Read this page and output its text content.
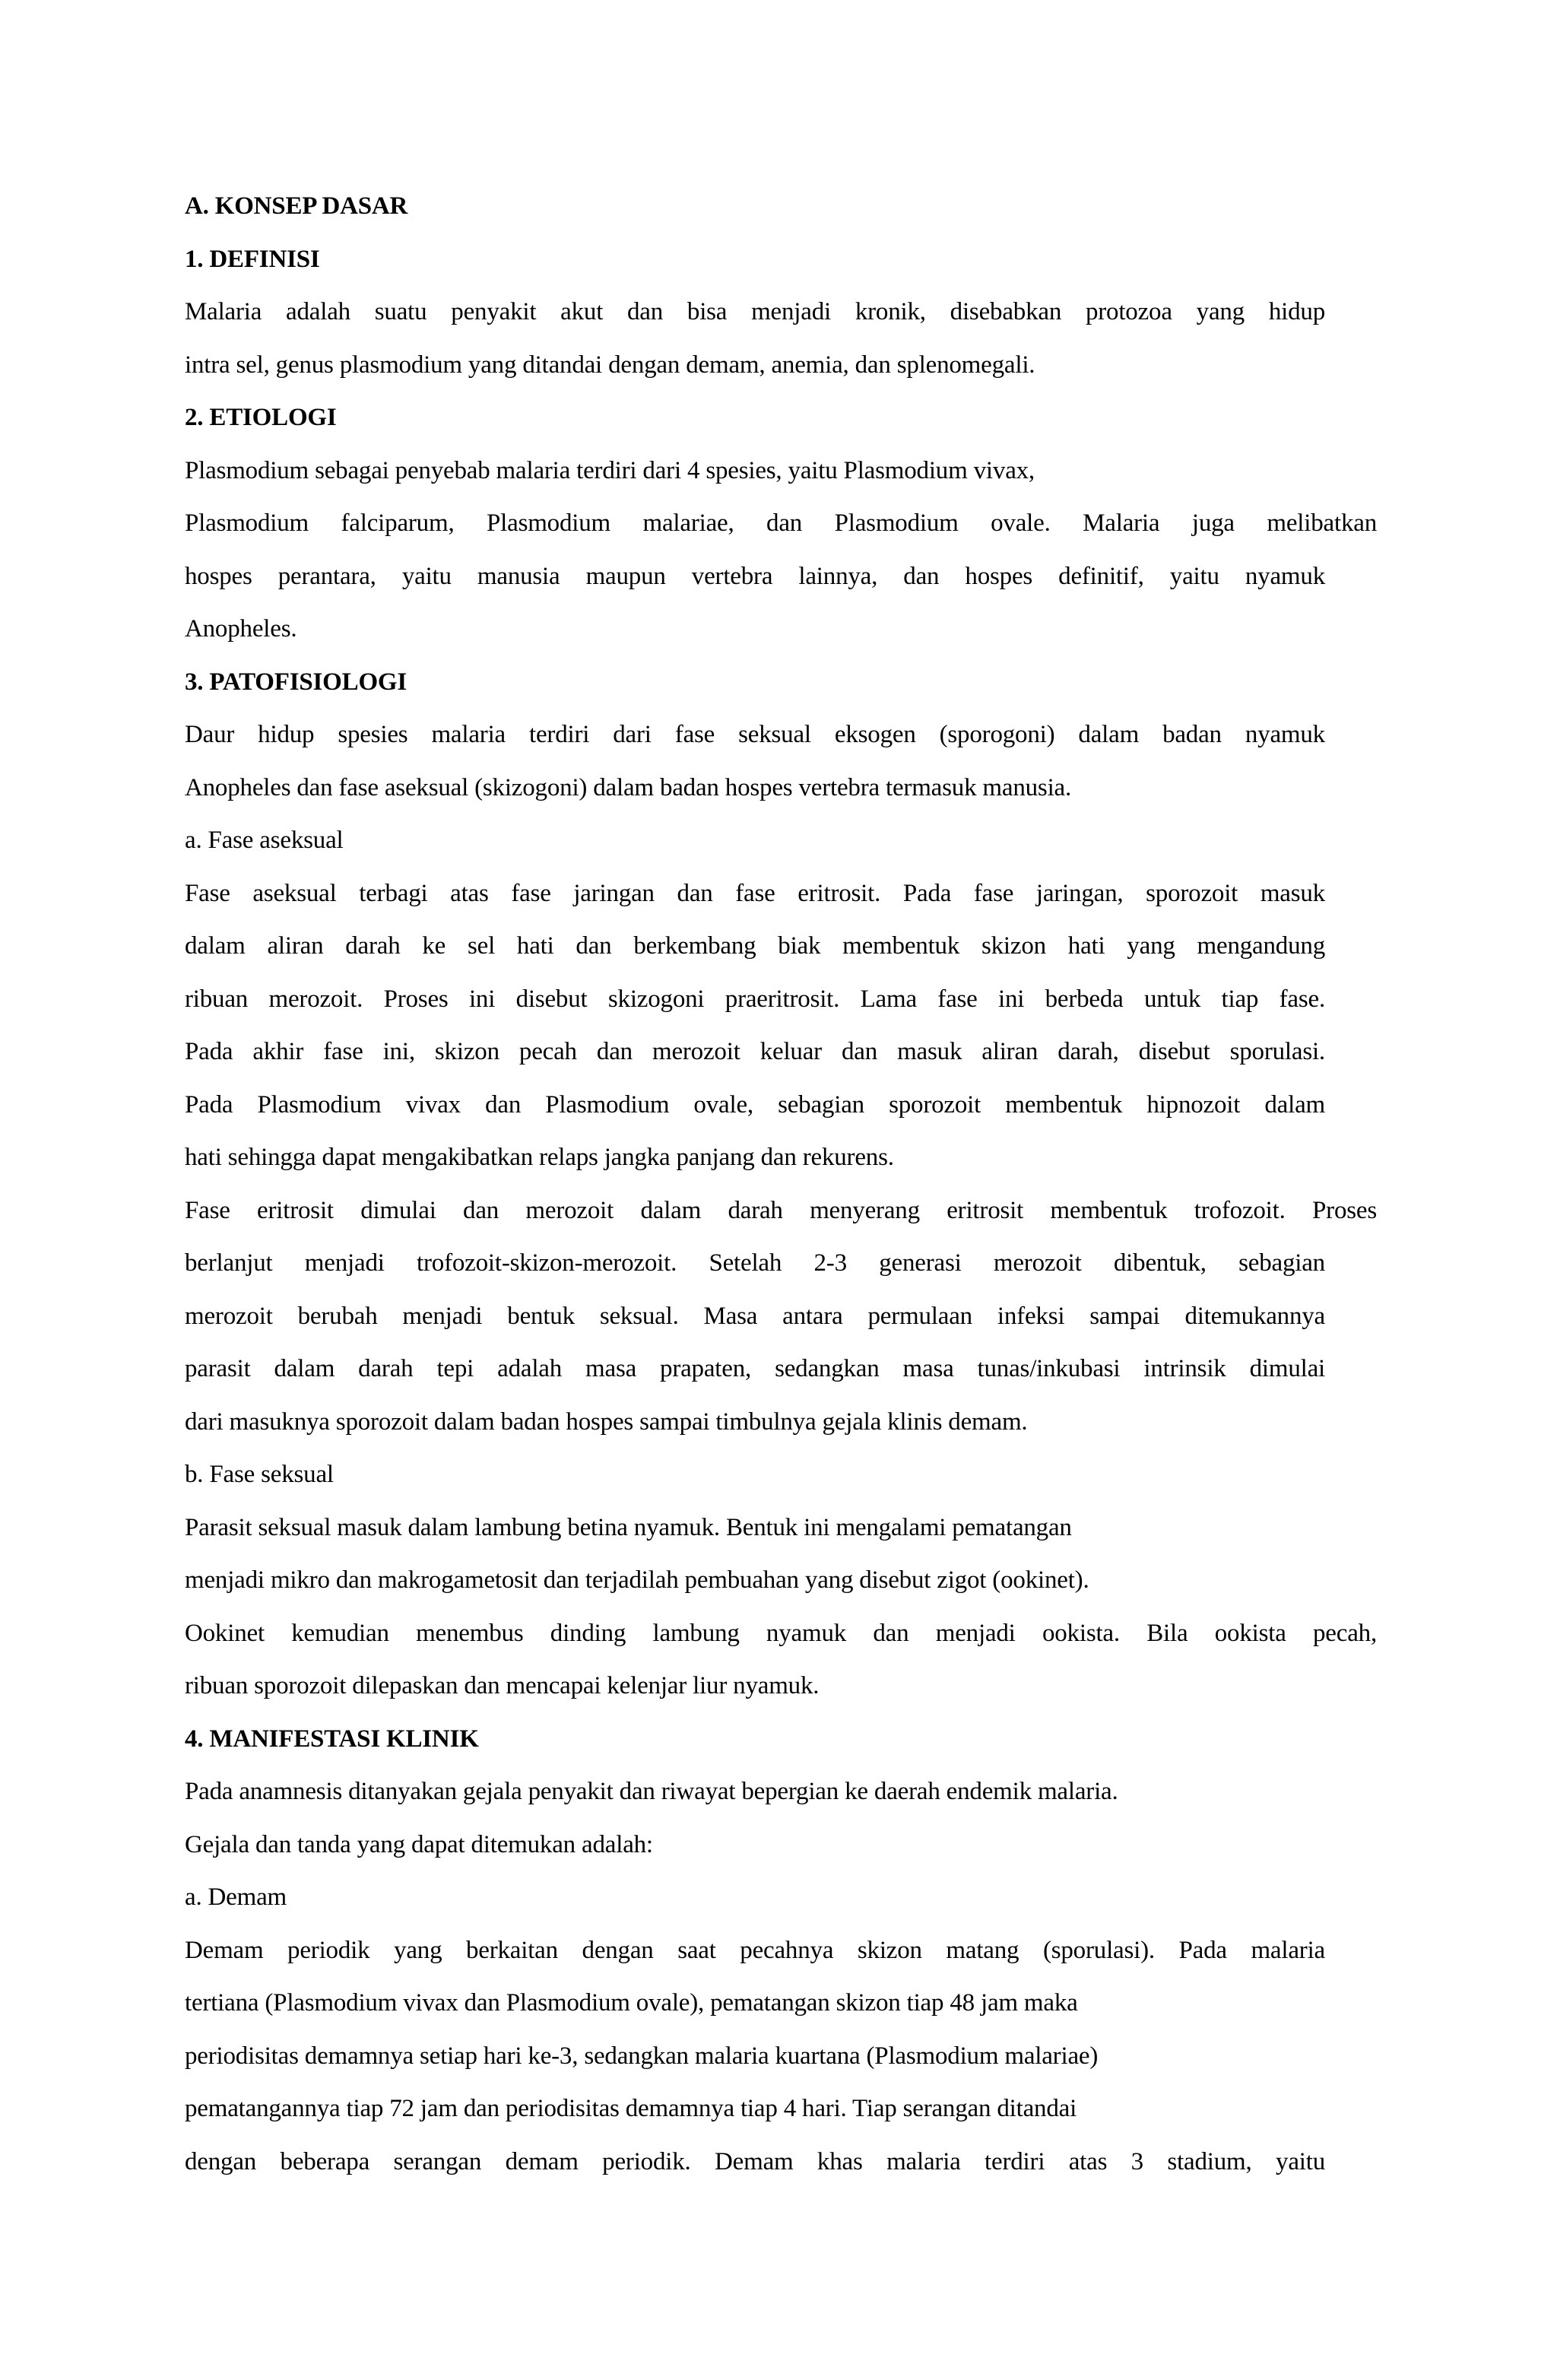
A. KONSEP DASAR
1. DEFINISI
Malaria adalah suatu penyakit akut dan bisa menjadi kronik, disebabkan protozoa yang hidup
intra sel, genus plasmodium yang ditandai dengan demam, anemia, dan splenomegali.
2. ETIOLOGI
Plasmodium sebagai penyebab malaria terdiri dari 4 spesies, yaitu Plasmodium vivax,
Plasmodium falciparum, Plasmodium malariae, dan Plasmodium ovale. Malaria juga melibatkan
hospes perantara, yaitu manusia maupun vertebra lainnya, dan hospes definitif, yaitu nyamuk
Anopheles.
3. PATOFISIOLOGI
Daur hidup spesies malaria terdiri dari fase seksual eksogen (sporogoni) dalam badan nyamuk
Anopheles dan fase aseksual (skizogoni) dalam badan hospes vertebra termasuk manusia.
a. Fase aseksual
Fase aseksual terbagi atas fase jaringan dan fase eritrosit. Pada fase jaringan, sporozoit masuk
dalam aliran darah ke sel hati dan berkembang biak membentuk skizon hati yang mengandung
ribuan merozoit. Proses ini disebut skizogoni praeritrosit. Lama fase ini berbeda untuk tiap fase.
Pada akhir fase ini, skizon pecah dan merozoit keluar dan masuk aliran darah, disebut sporulasi.
Pada Plasmodium vivax dan Plasmodium ovale, sebagian sporozoit membentuk hipnozoit dalam
hati sehingga dapat mengakibatkan relaps jangka panjang dan rekurens.
Fase eritrosit dimulai dan merozoit dalam darah menyerang eritrosit membentuk trofozoit. Proses
berlanjut menjadi trofozoit-skizon-merozoit. Setelah 2-3 generasi merozoit dibentuk, sebagian
merozoit berubah menjadi bentuk seksual. Masa antara permulaan infeksi sampai ditemukannya
parasit dalam darah tepi adalah masa prapaten, sedangkan masa tunas/inkubasi intrinsik dimulai
dari masuknya sporozoit dalam badan hospes sampai timbulnya gejala klinis demam.
b. Fase seksual
Parasit seksual masuk dalam lambung betina nyamuk. Bentuk ini mengalami pematangan
menjadi mikro dan makrogametosit dan terjadilah pembuahan yang disebut zigot (ookinet).
Ookinet kemudian menembus dinding lambung nyamuk dan menjadi ookista. Bila ookista pecah,
ribuan sporozoit dilepaskan dan mencapai kelenjar liur nyamuk.
4. MANIFESTASI KLINIK
Pada anamnesis ditanyakan gejala penyakit dan riwayat bepergian ke daerah endemik malaria.
Gejala dan tanda yang dapat ditemukan adalah:
a. Demam
Demam periodik yang berkaitan dengan saat pecahnya skizon matang (sporulasi). Pada malaria
tertiana (Plasmodium vivax dan Plasmodium ovale), pematangan skizon tiap 48 jam maka
periodisitas demamnya setiap hari ke-3, sedangkan malaria kuartana (Plasmodium malariae)
pematangannya tiap 72 jam dan periodisitas demamnya tiap 4 hari. Tiap serangan ditandai
dengan beberapa serangan demam periodik. Demam khas malaria terdiri atas 3 stadium, yaitu
